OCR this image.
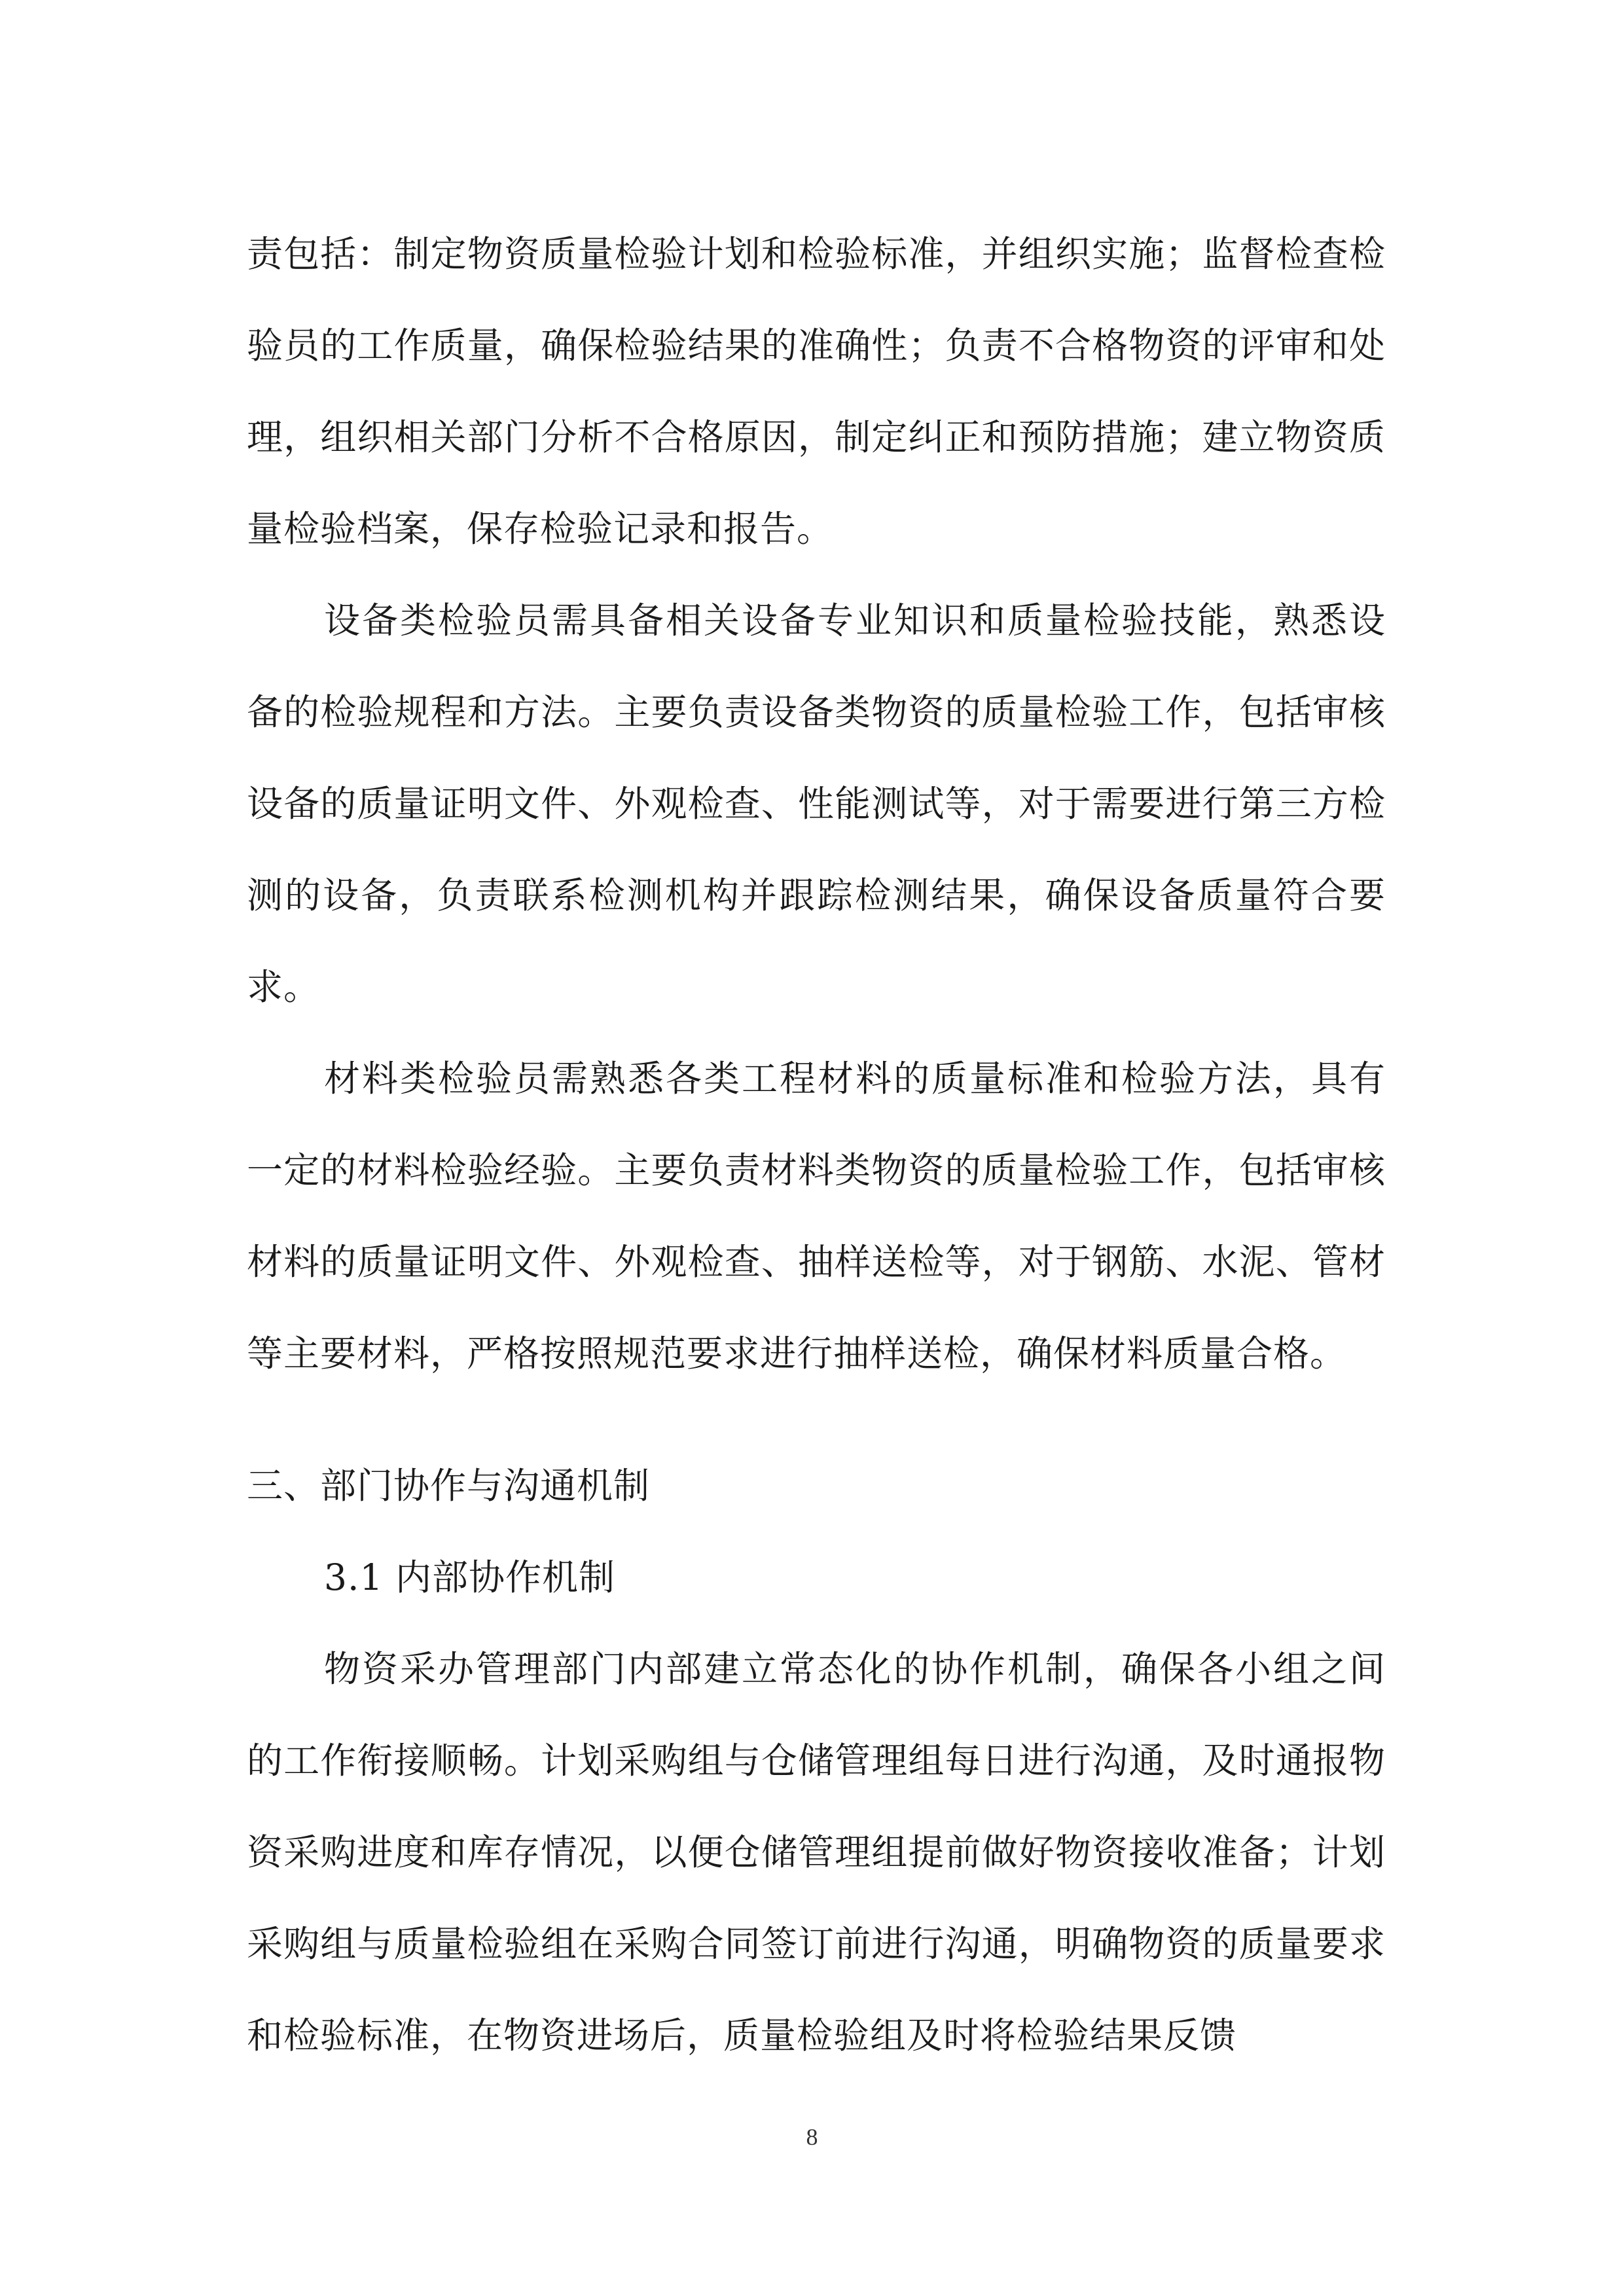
责包括：制定物资质量检验计划和检验标准，并组织实施；监督检查检验员的工作质量，确保检验结果的准确性；负责不合格物资的评审和处理，组织相关部门分析不合格原因，制定纠正和预防措施；建立物资质量检验档案，保存检验记录和报告。

设备类检验员需具备相关设备专业知识和质量检验技能，熟悉设备的检验规程和方法。主要负责设备类物资的质量检验工作，包括审核设备的质量证明文件、外观检查、性能测试等，对于需要进行第三方检测的设备，负责联系检测机构并跟踪检测结果，确保设备质量符合要求。

材料类检验员需熟悉各类工程材料的质量标准和检验方法，具有一定的材料检验经验。主要负责材料类物资的质量检验工作，包括审核材料的质量证明文件、外观检查、抽样送检等，对于钢筋、水泥、管材等主要材料，严格按照规范要求进行抽样送检，确保材料质量合格。

三、部门协作与沟通机制
3.1 内部协作机制

物资采办管理部门内部建立常态化的协作机制，确保各小组之间的工作衔接顺畅。计划采购组与仓储管理组每日进行沟通，及时通报物资采购进度和库存情况，以便仓储管理组提前做好物资接收准备；计划采购组与质量检验组在采购合同签订前进行沟通，明确物资的质量要求和检验标准，在物资进场后，质量检验组及时将检验结果反馈

8
